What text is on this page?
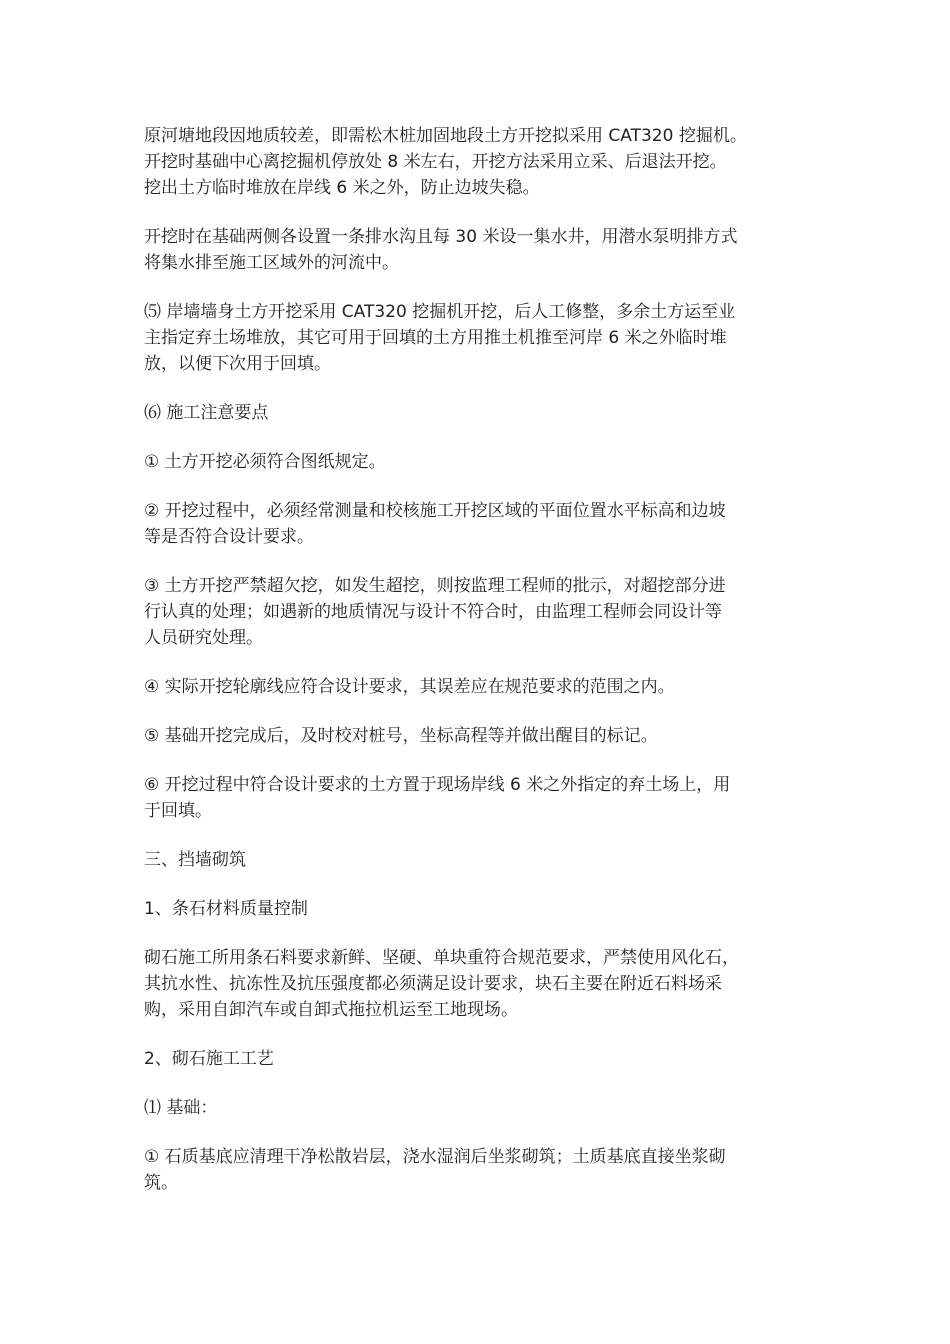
原河塘地段因地质较差，即需松木桩加固地段土方开挖拟采用 CAT320 挖掘机。
开挖时基础中心离挖掘机停放处 8 米左右，开挖方法采用立采、后退法开挖。
挖出土方临时堆放在岸线 6 米之外，防止边坡失稳。

开挖时在基础两侧各设置一条排水沟且每 30 米设一集水井，用潜水泵明排方式
将集水排至施工区域外的河流中。

⑸ 岸墙墙身土方开挖采用 CAT320 挖掘机开挖，后人工修整，多余土方运至业
主指定弃土场堆放，其它可用于回填的土方用推土机推至河岸 6 米之外临时堆
放，以便下次用于回填。

⑹ 施工注意要点

① 土方开挖必须符合图纸规定。

② 开挖过程中，必须经常测量和校核施工开挖区域的平面位置水平标高和边坡
等是否符合设计要求。

③ 土方开挖严禁超欠挖，如发生超挖，则按监理工程师的批示，对超挖部分进
行认真的处理；如遇新的地质情况与设计不符合时，由监理工程师会同设计等
人员研究处理。

④ 实际开挖轮廓线应符合设计要求，其误差应在规范要求的范围之内。

⑤ 基础开挖完成后，及时校对桩号，坐标高程等并做出醒目的标记。

⑥ 开挖过程中符合设计要求的土方置于现场岸线 6 米之外指定的弃土场上，用
于回填。

三、挡墙砌筑

1、条石材料质量控制

砌石施工所用条石料要求新鲜、坚硬、单块重符合规范要求，严禁使用风化石，
其抗水性、抗冻性及抗压强度都必须满足设计要求，块石主要在附近石料场采
购，采用自卸汽车或自卸式拖拉机运至工地现场。

2、砌石施工工艺

⑴ 基础：

① 石质基底应清理干净松散岩层，浇水湿润后坐浆砌筑；土质基底直接坐浆砌
筑。
